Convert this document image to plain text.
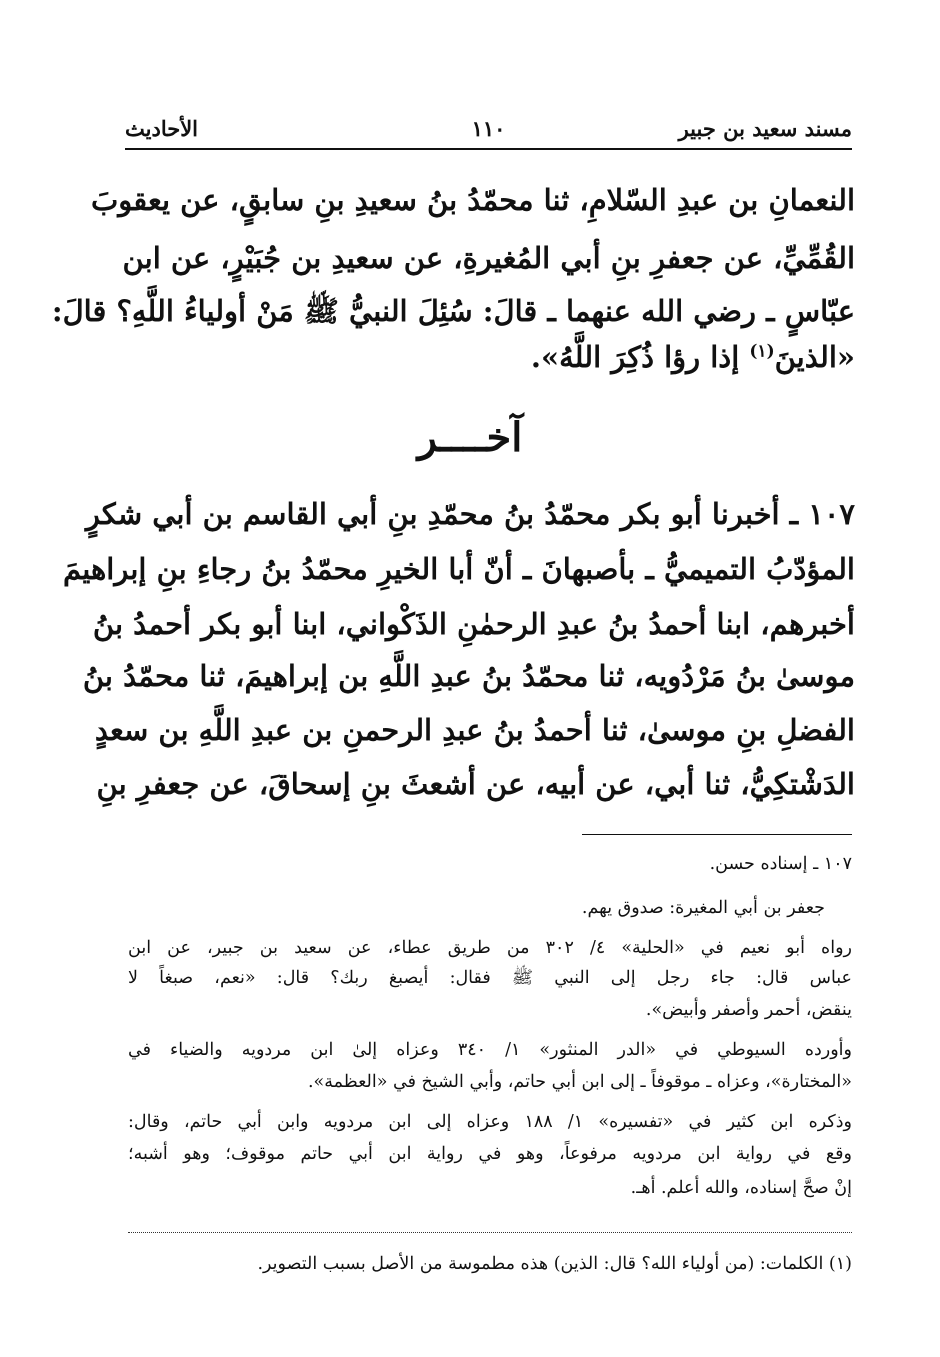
مسند سعيد بن جبير
١١٠
الأحاديث
النعمانِ بن عبدِ السّلامِ، ثنا محمّدُ بنُ سعيدِ بنِ سابقٍ، عن يعقوبَ
القُمِّيِّ، عن جعفرِ بنِ أبي المُغيرةِ، عن سعيدِ بن جُبَيْرٍ، عن ابن
عبّاسٍ ـ رضي الله عنهما ـ قالَ: سُئِلَ النبيُّ ﷺ مَنْ أولياءُ اللَّهِ؟ قالَ:
«الذينَ$^{(١)}$ إذا رؤا ذُكِرَ اللَّهُ».
آخــــر
١٠٧ ـ أخبرنا أبو بكر محمّدُ بنُ محمّدِ بنِ أبي القاسم بن أبي شكرٍ
المؤدّبُ التميميُّ ـ بأصبهانَ ـ أنّ أبا الخيرِ محمّدُ بنُ رجاءِ بنِ إبراهيمَ
أخبرهم، ابنا أحمدُ بنُ عبدِ الرحمٰنِ الذَكْواني، ابنا أبو بكر أحمدُ بنُ
موسىٰ بنُ مَرْدُويه، ثنا محمّدُ بنُ عبدِ اللَّهِ بن إبراهيمَ، ثنا محمّدُ بنُ
الفضلِ بنِ موسىٰ، ثنا أحمدُ بنُ عبدِ الرحمنِ بن عبدِ اللَّهِ بن سعدٍ
الدَشْتكِيُّ، ثنا أبي، عن أبيه، عن أشعثَ بنِ إسحاقَ، عن جعفرِ بنِ
١٠٧ ـ إسناده حسن.
جعفر بن أبي المغيرة: صدوق يهم.
رواه أبو نعيم في «الحلية» ٤/ ٣٠٢ من طريق عطاء، عن سعيد بن جبير، عن ابن
عباس قال: جاء رجل إلى النبي ﷺ فقال: أيصبغ ربك؟ قال: «نعم، صبغاً لا
ينقض، أحمر وأصفر وأبيض».
وأورده السيوطي في «الدر المنثور» ١/ ٣٤٠ وعزاه إلىٰ ابن مردويه والضياء في
«المختارة»، وعزاه ـ موقوفاً ـ إلى ابن أبي حاتم، وأبي الشيخ في «العظمة».
وذكره ابن كثير في «تفسيره» ١/ ١٨٨ وعزاه إلى ابن مردويه وابن أبي حاتم، وقال:
وقع في رواية ابن مردويه مرفوعاً، وهو في رواية ابن أبي حاتم موقوف؛ وهو أشبه؛
إنْ صحَّ إسناده، والله أعلم. أهـ.
(١) الكلمات: (من أولياء الله؟ قال: الذين) هذه مطموسة من الأصل بسبب التصوير.
